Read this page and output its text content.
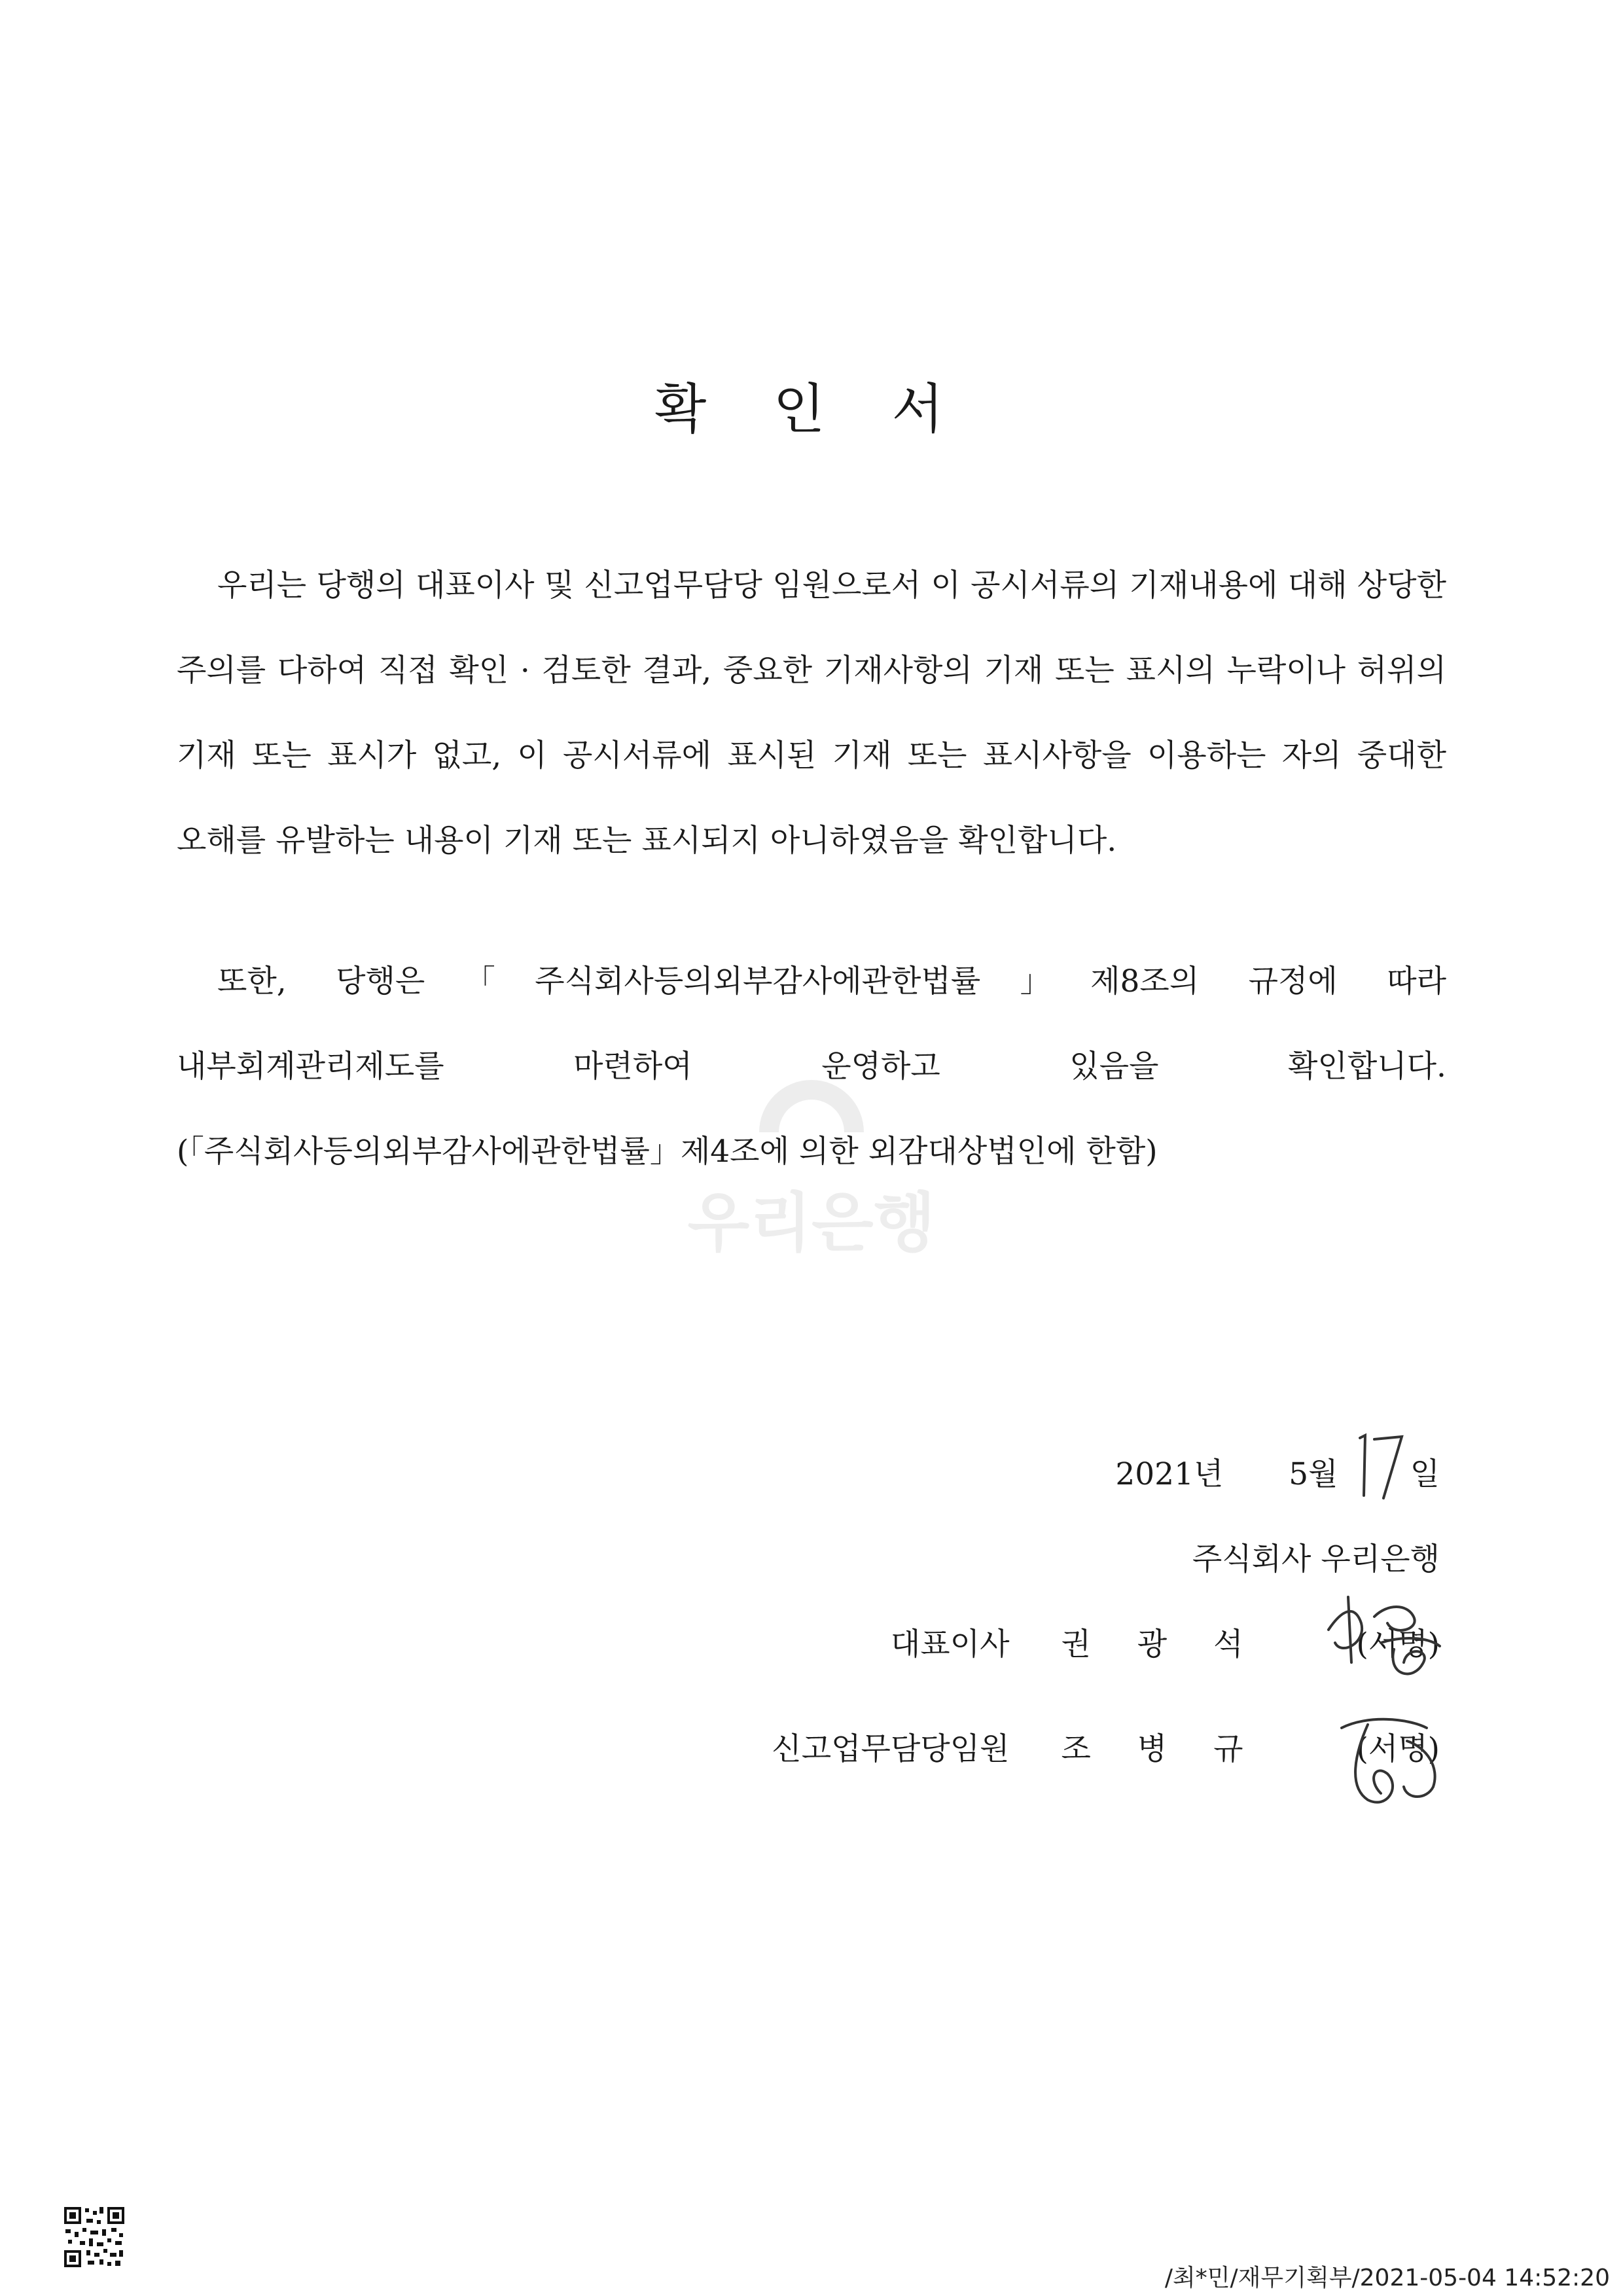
확 인 서

우리는 당행의 대표이사 및 신고업무담당 임원으로서 이 공시서류의 기재내용에 대해 상당한 주의를 다하여 직접 확인 · 검토한 결과, 중요한 기재사항의 기재 또는 표시의 누락이나 허위의 기재 또는 표시가 없고, 이 공시서류에 표시된 기재 또는 표시사항을 이용하는 자의 중대한 오해를 유발하는 내용이 기재 또는 표시되지 아니하였음을 확인합니다.

또한, 당행은「주식회사등의외부감사에관한법률」제8조의 규정에 따라 내부회계관리제도를 마련하여 운영하고 있음을 확인합니다.(「주식회사등의외부감사에관한법률」제4조에 의한 외감대상법인에 한함)

우리은행
2021년 5월 일
주식회사 우리은행
대표이사 권 광 석	(서명)
신고업무담당임원 조 병 규	(서명)
/최*민/재무기획부/2021-05-04 14:52:20
